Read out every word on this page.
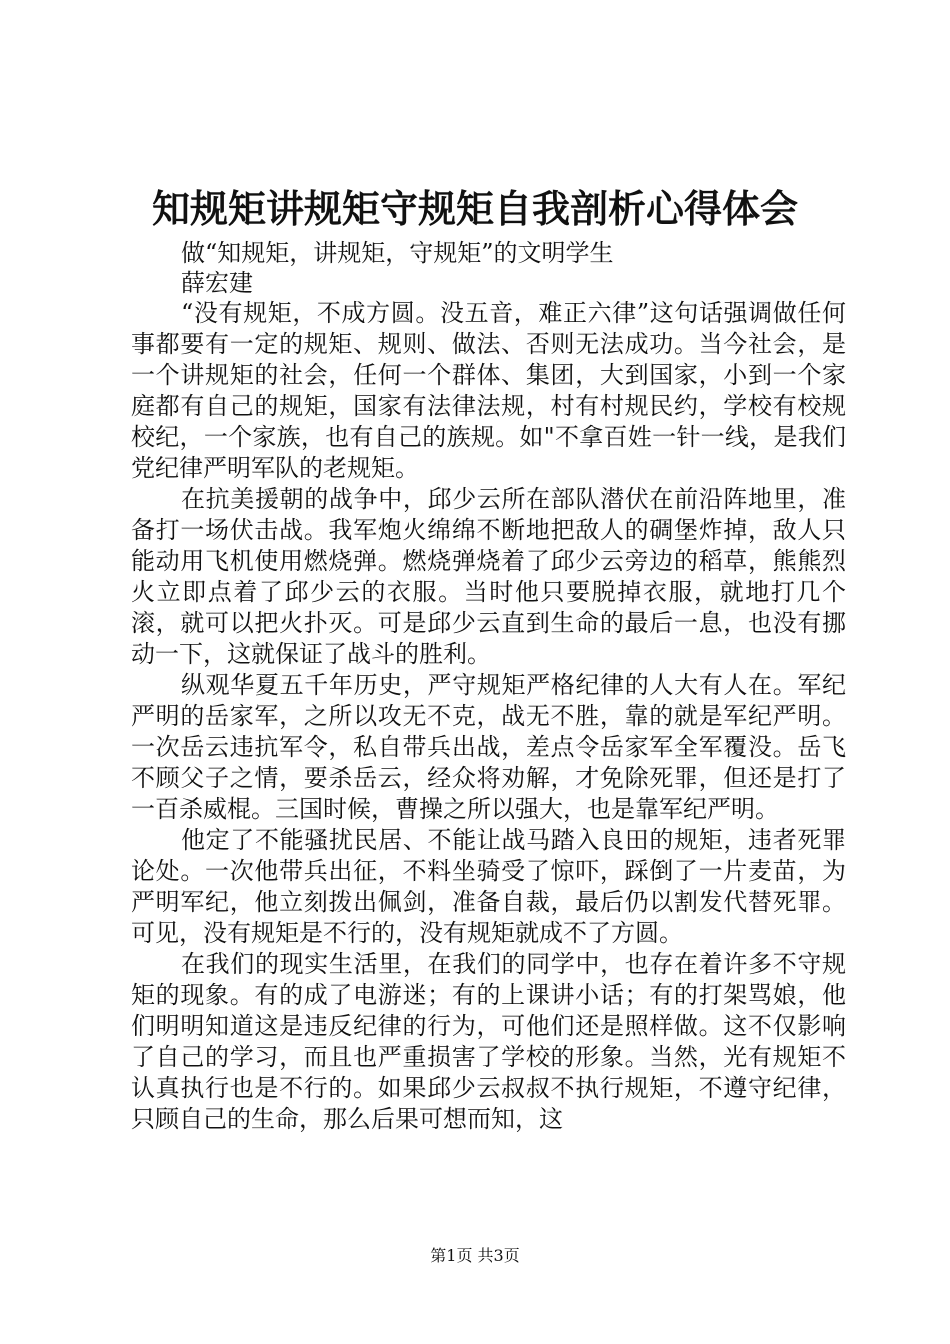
知规矩讲规矩守规矩自我剖析心得体会
做“知规矩，讲规矩，守规矩”的文明学生
薛宏建

“没有规矩，不成方圆。没五音，难正六律”这句话强调做任何事都要有一定的规矩、规则、做法、否则无法成功。当今社会，是一个讲规矩的社会，任何一个群体、集团，大到国家，小到一个家庭都有自己的规矩，国家有法律法规，村有村规民约，学校有校规校纪，一个家族，也有自己的族规。如"不拿百姓一针一线，是我们党纪律严明军队的老规矩。

在抗美援朝的战争中，邱少云所在部队潜伏在前沿阵地里，准备打一场伏击战。我军炮火绵绵不断地把敌人的碉堡炸掉，敌人只能动用飞机使用燃烧弹。燃烧弹烧着了邱少云旁边的稻草，熊熊烈火立即点着了邱少云的衣服。当时他只要脱掉衣服，就地打几个滚，就可以把火扑灭。可是邱少云直到生命的最后一息，也没有挪动一下，这就保证了战斗的胜利。

纵观华夏五千年历史，严守规矩严格纪律的人大有人在。军纪严明的岳家军，之所以攻无不克，战无不胜，靠的就是军纪严明。一次岳云违抗军令，私自带兵出战，差点令岳家军全军覆没。岳飞不顾父子之情，要杀岳云，经众将劝解，才免除死罪，但还是打了一百杀威棍。三国时候，曹操之所以强大，也是靠军纪严明。

他定了不能骚扰民居、不能让战马踏入良田的规矩，违者死罪论处。一次他带兵出征，不料坐骑受了惊吓，踩倒了一片麦苗，为严明军纪，他立刻拨出佩剑，准备自裁，最后仍以割发代替死罪。可见，没有规矩是不行的，没有规矩就成不了方圆。

在我们的现实生活里，在我们的同学中，也存在着许多不守规矩的现象。有的成了电游迷；有的上课讲小话；有的打架骂娘，他们明明知道这是违反纪律的行为，可他们还是照样做。这不仅影响了自己的学习，而且也严重损害了学校的形象。当然，光有规矩不认真执行也是不行的。如果邱少云叔叔不执行规矩，不遵守纪律，只顾自己的生命，那么后果可想而知，这

第1页 共3页
